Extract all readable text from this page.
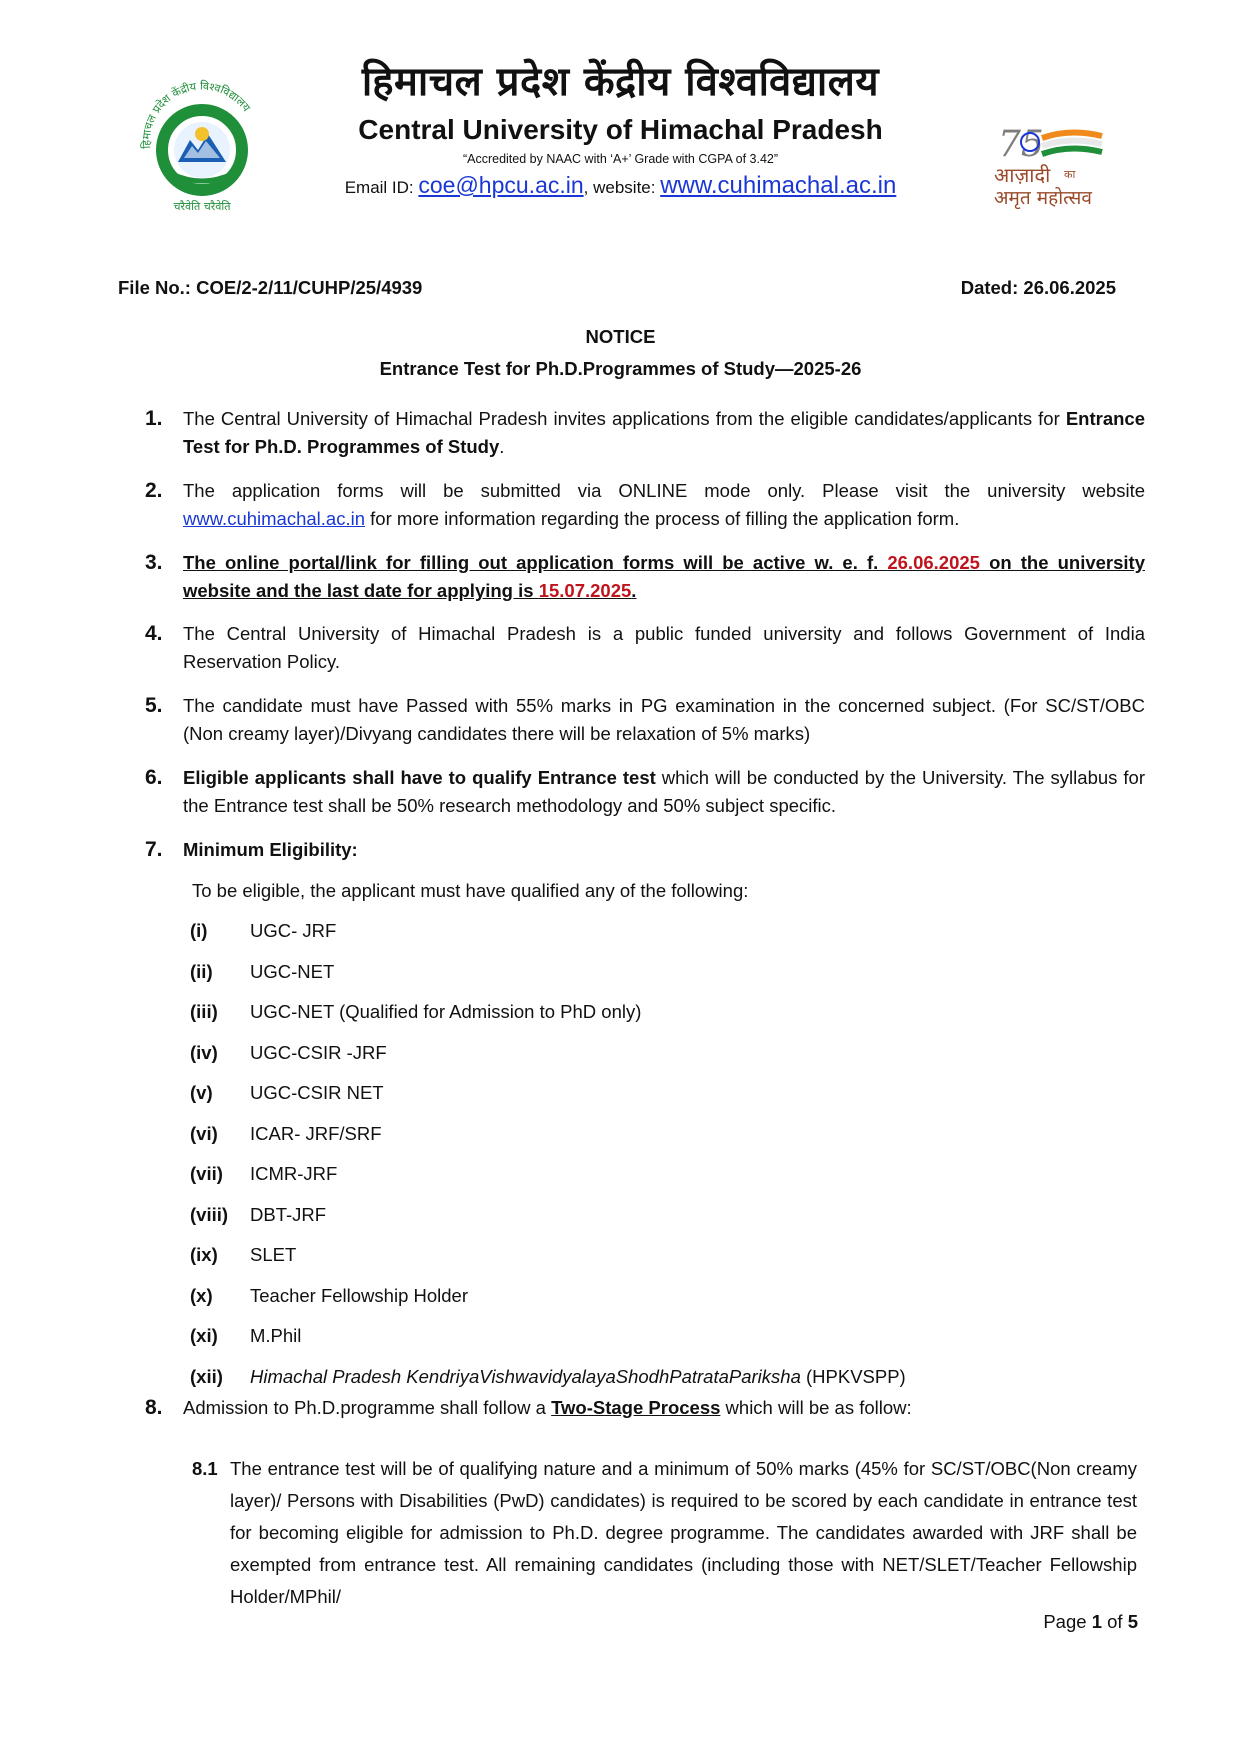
हिमाचल प्रदेश केंद्रीय विश्वविद्यालय
चरैवेति चरैवेति
हिमाचल प्रदेश केंद्रीय विश्वविद्यालय
Central University of Himachal Pradesh
“Accredited by NAAC with ‘A+’ Grade with CGPA of 3.42”
Email ID: coe@hpcu.ac.in, website: www.cuhimachal.ac.in
75
आज़ादी का
अमृत महोत्सव
File No.: COE/2-2/11/CUHP/25/4939	Dated: 26.06.2025
NOTICE
Entrance Test for Ph.D.Programmes of Study—2025-26
1. The Central University of Himachal Pradesh invites applications from the eligible candidates/applicants for Entrance Test for Ph.D. Programmes of Study.
2. The application forms will be submitted via ONLINE mode only. Please visit the university website www.cuhimachal.ac.in for more information regarding the process of filling the application form.
3. The online portal/link for filling out application forms will be active w. e. f. 26.06.2025 on the university website and the last date for applying is 15.07.2025.
4. The Central University of Himachal Pradesh is a public funded university and follows Government of India Reservation Policy.
5. The candidate must have Passed with 55% marks in PG examination in the concerned subject. (For SC/ST/OBC (Non creamy layer)/Divyang candidates there will be relaxation of 5% marks)
6. Eligible applicants shall have to qualify Entrance test which will be conducted by the University. The syllabus for the Entrance test shall be 50% research methodology and 50% subject specific.
7. Minimum Eligibility:
To be eligible, the applicant must have qualified any of the following:
(i) UGC- JRF
(ii) UGC-NET
(iii) UGC-NET (Qualified for Admission to PhD only)
(iv) UGC-CSIR -JRF
(v) UGC-CSIR NET
(vi) ICAR- JRF/SRF
(vii) ICMR-JRF
(viii) DBT-JRF
(ix) SLET
(x) Teacher Fellowship Holder
(xi) M.Phil
(xii) Himachal Pradesh KendriyaVishwavidyalayaShodhPatrataPariksha (HPKVSPP)
8. Admission to Ph.D.programme shall follow a Two-Stage Process which will be as follow:
8.1 The entrance test will be of qualifying nature and a minimum of 50% marks (45% for SC/ST/OBC(Non creamy layer)/ Persons with Disabilities (PwD) candidates) is required to be scored by each candidate in entrance test for becoming eligible for admission to Ph.D. degree programme. The candidates awarded with JRF shall be exempted from entrance test. All remaining candidates (including those with NET/SLET/Teacher Fellowship Holder/MPhil/
Page 1 of 5
